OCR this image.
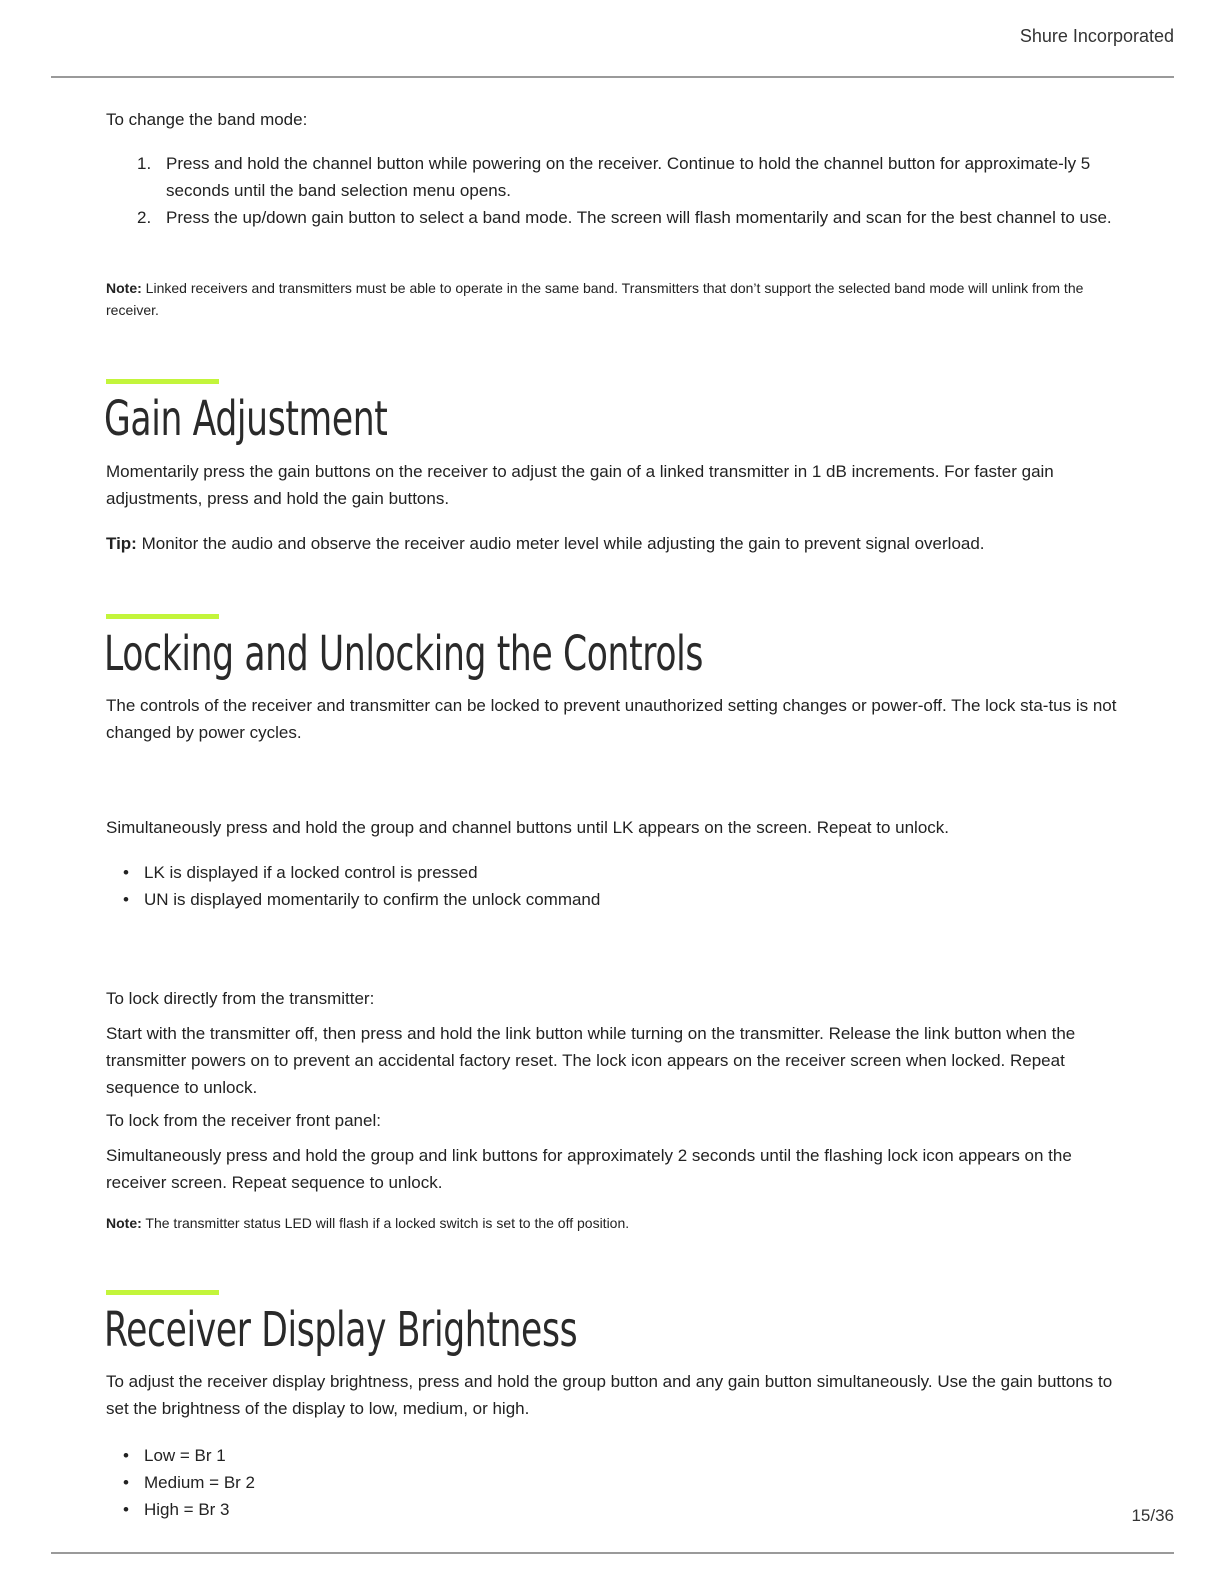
Shure Incorporated

To change the band mode:

1. Press and hold the channel button while powering on the receiver. Continue to hold the channel button for approximate-ly 5 seconds until the band selection menu opens.
2. Press the up/down gain button to select a band mode. The screen will flash momentarily and scan for the best channel to use.

Note: Linked receivers and transmitters must be able to operate in the same band. Transmitters that don’t support the selected band mode will unlink from the receiver.

Gain Adjustment

Momentarily press the gain buttons on the receiver to adjust the gain of a linked transmitter in 1 dB increments. For faster gain adjustments, press and hold the gain buttons.

Tip: Monitor the audio and observe the receiver audio meter level while adjusting the gain to prevent signal overload.

Locking and Unlocking the Controls

The controls of the receiver and transmitter can be locked to prevent unauthorized setting changes or power-off. The lock sta-tus is not changed by power cycles.

Simultaneously press and hold the group and channel buttons until LK appears on the screen. Repeat to unlock.

• LK is displayed if a locked control is pressed
• UN is displayed momentarily to confirm the unlock command

To lock directly from the transmitter:

Start with the transmitter off, then press and hold the link button while turning on the transmitter. Release the link button when the transmitter powers on to prevent an accidental factory reset. The lock icon appears on the receiver screen when locked. Repeat sequence to unlock.

To lock from the receiver front panel:

Simultaneously press and hold the group and link buttons for approximately 2 seconds until the flashing lock icon appears on the receiver screen. Repeat sequence to unlock.

Note: The transmitter status LED will flash if a locked switch is set to the off position.

Receiver Display Brightness

To adjust the receiver display brightness, press and hold the group button and any gain button simultaneously. Use the gain buttons to set the brightness of the display to low, medium, or high.

• Low = Br 1
• Medium = Br 2
• High = Br 3	15/36
